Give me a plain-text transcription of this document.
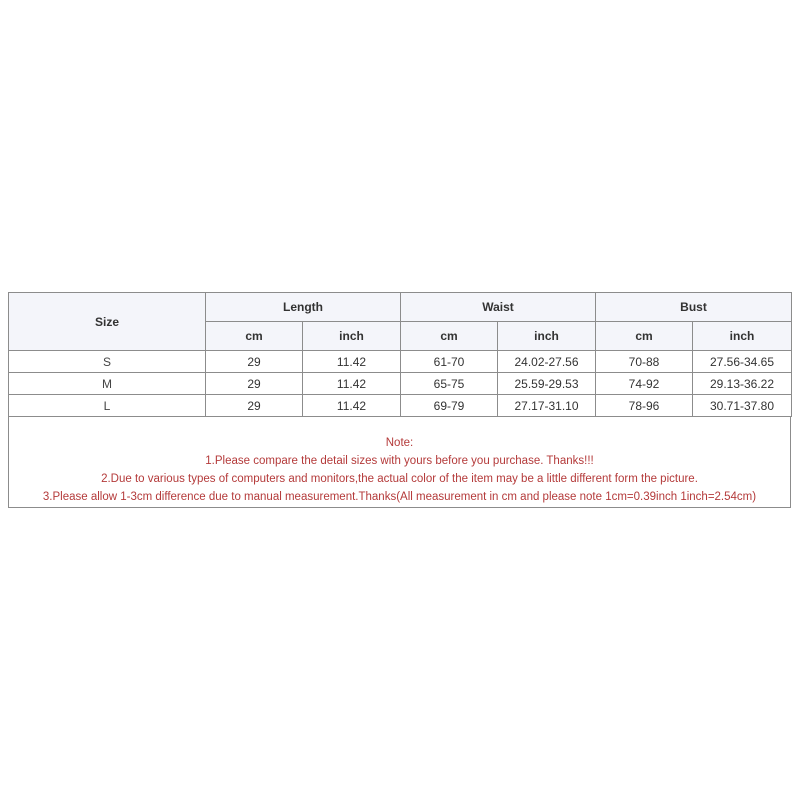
Size	Length		Waist		Bust	
	cm	inch	cm	inch	cm	inch
S	29	11.42	61-70	24.02-27.56	70-88	27.56-34.65
M	29	11.42	65-75	25.59-29.53	74-92	29.13-36.22
L	29	11.42	69-79	27.17-31.10	78-96	30.71-37.80
Note:
1.Please compare the detail sizes with yours before you purchase. Thanks!!!
2.Due to various types of computers and monitors,the actual color of the item may be a little different form the picture.
3.Please allow 1-3cm difference due to manual measurement.Thanks(All measurement in cm and please note 1cm=0.39inch 1inch=2.54cm)
